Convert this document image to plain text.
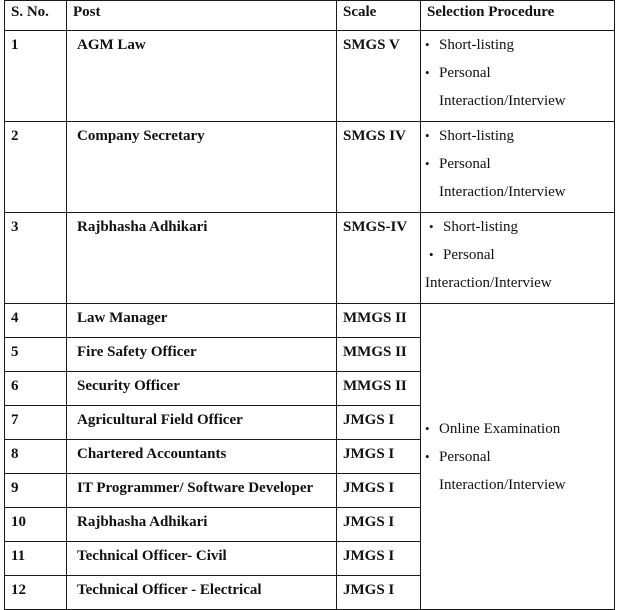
S. No.	Post	Scale	Selection Procedure
1	AGM Law	SMGS V	• Short-listing
• Personal
Interaction/Interview

2	Company Secretary	SMGS IV	• Short-listing
• Personal
Interaction/Interview

3	Rajbhasha Adhikari	SMGS-IV	• Short-listing
• Personal
Interaction/Interview

4	Law Manager	MMGS II	• Online Examination
• Personal
Interaction/Interview

5	Fire Safety Officer	MMGS II	
6	Security Officer	MMGS II	
7	Agricultural Field Officer	JMGS I	
8	Chartered Accountants	JMGS I	
9	IT Programmer/ Software Developer	JMGS I	
10	Rajbhasha Adhikari	JMGS I	
11	Technical Officer- Civil	JMGS I	
12	Technical Officer - Electrical	JMGS I	
